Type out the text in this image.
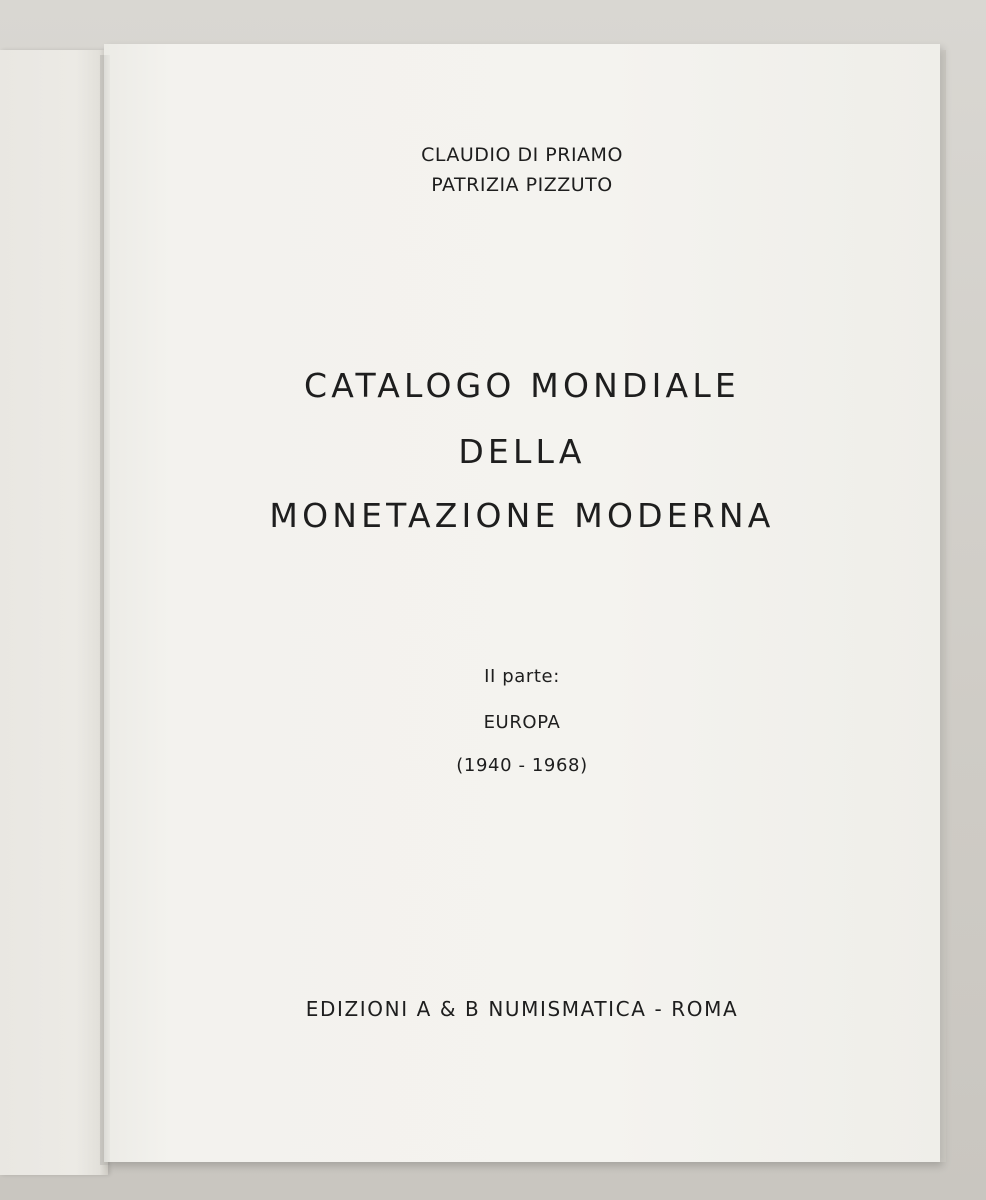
CLAUDIO DI PRIAMO
PATRIZIA PIZZUTO
CATALOGO MONDIALE
DELLA
MONETAZIONE MODERNA
II parte:
EUROPA
(1940 - 1968)
EDIZIONI A & B NUMISMATICA - ROMA
